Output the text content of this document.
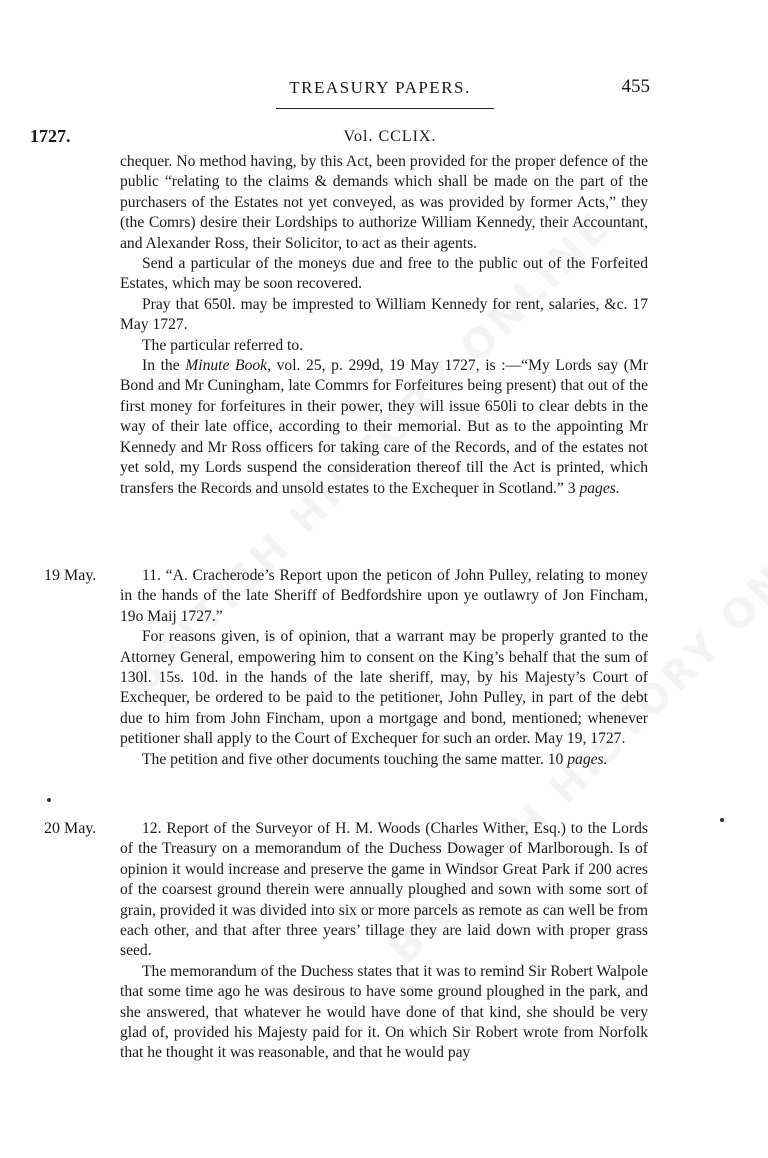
TREASURY PAPERS.	455
1727.	Vol. CCLIX.

chequer. No method having, by this Act, been provided for the proper defence of the public “relating to the claims & demands which shall be made on the part of the purchasers of the Estates not yet conveyed, as was provided by former Acts,” they (the Comrs) desire their Lordships to authorize William Kennedy, their Accountant, and Alexander Ross, their Solicitor, to act as their agents.

Send a particular of the moneys due and free to the public out of the Forfeited Estates, which may be soon recovered.

Pray that 650l. may be imprested to William Kennedy for rent, salaries, &c. 17 May 1727.

The particular referred to.

In the Minute Book, vol. 25, p. 299d, 19 May 1727, is :—“My Lords say (Mr Bond and Mr Cuningham, late Commrs for Forfeitures being present) that out of the first money for forfeitures in their power, they will issue 650li to clear debts in the way of their late office, according to their memorial. But as to the appointing Mr Kennedy and Mr Ross officers for taking care of the Records, and of the estates not yet sold, my Lords suspend the consideration thereof till the Act is printed, which transfers the Records and unsold estates to the Exchequer in Scotland.” 3 pages.

19 May.	11. “A. Cracherode’s Report upon the peticon of John Pulley, relating to money in the hands of the late Sheriff of Bedfordshire upon ye outlawry of Jon Fincham, 19o Maij 1727.”

For reasons given, is of opinion, that a warrant may be properly granted to the Attorney General, empowering him to consent on the King’s behalf that the sum of 130l. 15s. 10d. in the hands of the late sheriff, may, by his Majesty’s Court of Exchequer, be ordered to be paid to the petitioner, John Pulley, in part of the debt due to him from John Fincham, upon a mortgage and bond, mentioned; whenever petitioner shall apply to the Court of Exchequer for such an order. May 19, 1727.

The petition and five other documents touching the same matter. 10 pages.

20 May.	12. Report of the Surveyor of H. M. Woods (Charles Wither, Esq.) to the Lords of the Treasury on a memorandum of the Duchess Dowager of Marlborough. Is of opinion it would increase and preserve the game in Windsor Great Park if 200 acres of the coarsest ground therein were annually ploughed and sown with some sort of grain, provided it was divided into six or more parcels as remote as can well be from each other, and that after three years’ tillage they are laid down with proper grass seed.

The memorandum of the Duchess states that it was to remind Sir Robert Walpole that some time ago he was desirous to have some ground ploughed in the park, and she answered, that whatever he would have done of that kind, she should be very glad of, provided his Majesty paid for it. On which Sir Robert wrote from Norfolk that he thought it was reasonable, and that he would pay
